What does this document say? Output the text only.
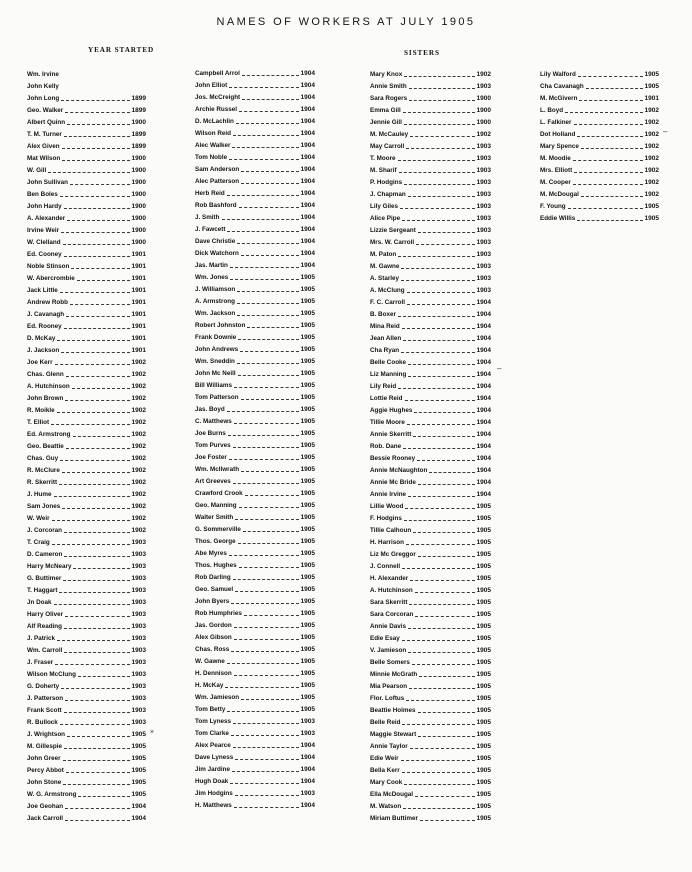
NAMES OF WORKERS AT JULY 1905
YEAR STARTED	SISTERS
Wm. Irvine
John Kelly
John Long	1899
Geo. Walker	1899
Albert Quinn	1900
T. M. Turner	1899
Alex Given	1899
Mat Wilson	1900
W. Gill	1900
John Sullivan	1900
Ben Boles	1900
John Hardy	1900
A. Alexander	1900
Irvine Weir	1900
W. Clelland	1900
Ed. Cooney	1901
Noble Stinson	1901
W. Abercrombie	1901
Jack Little	1901
Andrew Robb	1901
J. Cavanagh	1901
Ed. Rooney	1901
D. McKay	1901
J. Jackson	1901
Joe Kerr	1902
Chas. Glenn	1902
A. Hutchinson	1902
John Brown	1902
R. Moikle	1902
T. Elliot	1902
Ed. Armstrong	1902
Geo. Beattie	1902
Chas. Guy	1902
R. McClure	1902
R. Skerritt	1902
J. Hume	1902
Sam Jones	1902
W. Weir	1902
J. Corcoran	1902
T. Craig	1903
D. Cameron	1903
Harry McNeary	1903
G. Buttimer	1903
T. Haggart	1903
Jn Doak	1903
Harry Oliver	1903
Alf Reading	1903
J. Patrick	1903
Wm. Carroll	1903
J. Fraser	1903
Wilson McClung	1903
G. Doherty	1903
J. Patterson	1903
Frank Scott	1903
R. Bullock	1903
J. Wrightson	1905
M. Gillespie	1905
John Greer	1905
Percy Abbot	1905
John Stone	1905
W. G. Armstrong	1905
Joe Geohan	1904
Jack Carroll	1904
Campbell Arrol	1904
John Elliot	1904
Jos. McCreight	1904
Archie Russel	1904
D. McLachlin	1904
Wilson Reid	1904
Alec Walker	1904
Tom Noble	1904
Sam Anderson	1904
Alec Patterson	1904
Herb Reid	1904
Rob Bashford	1904
J. Smith	1904
J. Fawcett	1904
Dave Christie	1904
Dick Watchorn	1904
Jas. Martin	1904
Wm. Jones	1905
J. Williamson	1905
A. Armstrong	1905
Wm. Jackson	1905
Robert Johnston	1905
Frank Downie	1905
John Andrews	1905
Wm. Sneddin	1905
John Mc Neill	1905
Bill Williams	1905
Tom Patterson	1905
Jas. Boyd	1905
C. Matthews	1905
Joe Burns	1905
Tom Purves	1905
Joe Foster	1905
Wm. McIlwrath	1905
Art Greeves	1905
Crawford Crook	1905
Geo. Manning	1905
Walter Smith	1905
G. Sommerville	1905
Thos. George	1905
Abe Myres	1905
Thos. Hughes	1905
Rob Darling	1905
Geo. Samuel	1905
John Byers	1905
Rob Humphries	1905
Jas. Gordon	1905
Alex Gibson	1905
Chas. Ross	1905
W. Gawne	1905
H. Dennison	1905
H. McKay	1905
Wm. Jamieson	1905
Tom Betty	1905
Tom Lyness	1903
Tom Clarke	1903
Alex Pearce	1904
Dave Lyness	1904
Jim Jardine	1904
Hugh Doak	1904
Jim Hodgins	1903
H. Matthews	1904
Mary Knox	1902
Annie Smith	1903
Sara Rogers	1900
Emma Gill	1900
Jennie Gill	1900
M. McCauley	1902
May Carroll	1903
T. Moore	1903
M. Sharif	1903
P. Hodgins	1903
J. Chapman	1903
Lily Giles	1903
Alice Pipe	1903
Lizzie Sergeant	1903
Mrs. W. Carroll	1903
M. Paton	1903
M. Gawne	1903
A. Starley	1903
A. McClung	1903
F. C. Carroll	1904
B. Boxer	1904
Mina Reid	1904
Jean Allen	1904
Cha Ryan	1904
Belle Cooke	1904
Liz Manning	1904
Lily Reid	1904
Lottie Reid	1904
Aggie Hughes	1904
Tillie Moore	1904
Annie Skerritt	1904
Rob. Dane	1904
Bessie Rooney	1904
Annie McNaughton	1904
Annie Mc Bride	1904
Annie Irvine	1904
Lillie Wood	1905
F. Hodgins	1905
Tillie Calhoun	1905
H. Harrison	1905
Liz Mc Greggor	1905
J. Connell	1905
H. Alexander	1905
A. Hutchinson	1905
Sara Skerritt	1905
Sara Corcoran	1905
Annie Davis	1905
Edie Esay	1905
V. Jamieson	1905
Belle Somers	1905
Minnie McGrath	1905
Mia Pearson	1905
Flor. Loftus	1905
Beattie Holmes	1905
Belle Reid	1905
Maggie Stewart	1905
Annie Taylor	1905
Edie Weir	1905
Bella Kerr	1905
Mary Cook	1905
Ella McDougal	1905
M. Watson	1905
Miriam Buttimer	1905
Lily Walford	1905
Cha Cavanagh	1905
M. McGivern	1901
L. Boyd	1902
L. Falkiner	1902
Dot Holland	1902
Mary Spence	1902
M. Moodie	1902
Mrs. Elliott	1902
M. Cooper	1902
M. McDougal	1902
F. Young	1905
Eddie Willis	1905
⁎
–
–
